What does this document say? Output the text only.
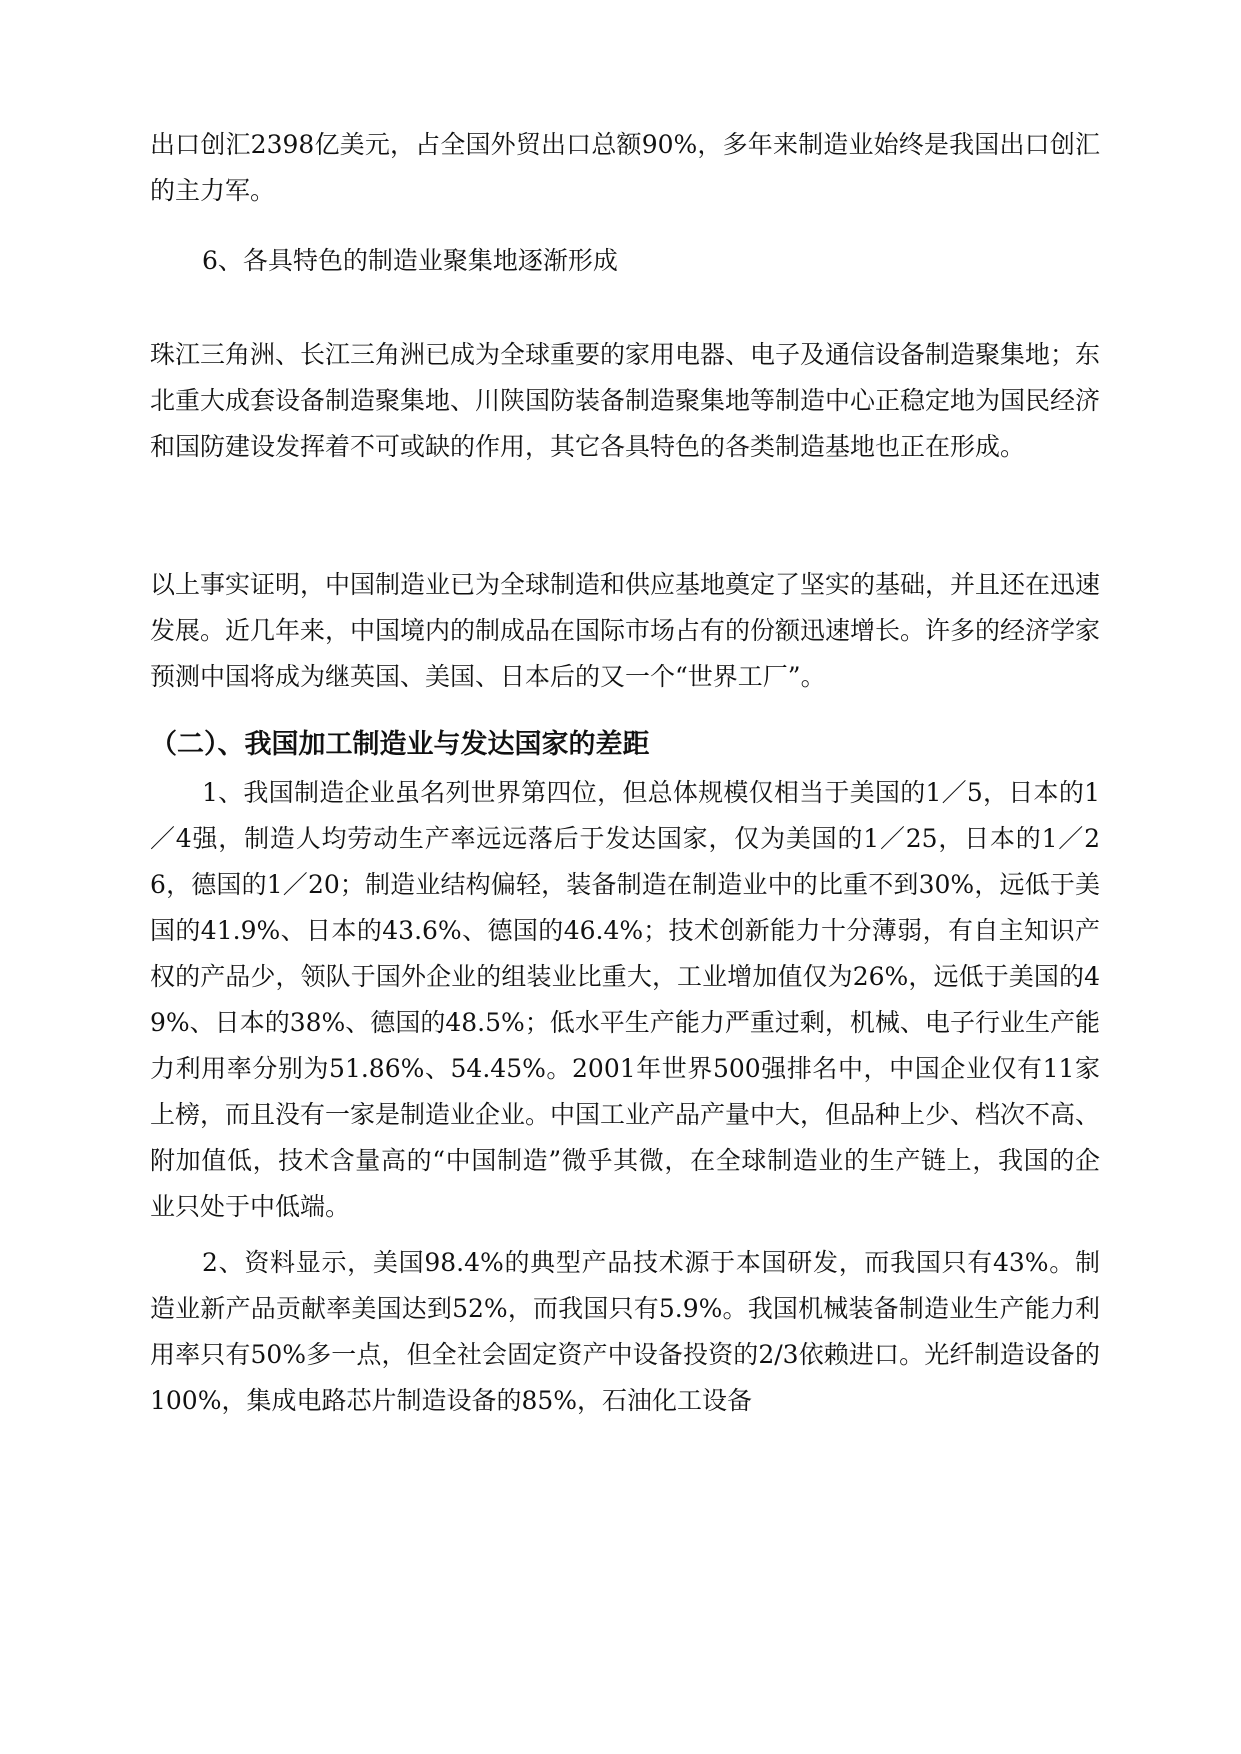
出口创汇2398亿美元，占全国外贸出口总额90%，多年来制造业始终是我国出口创汇的主力军。

6、各具特色的制造业聚集地逐渐形成

珠江三角洲、长江三角洲已成为全球重要的家用电器、电子及通信设备制造聚集地；东北重大成套设备制造聚集地、川陕国防装备制造聚集地等制造中心正稳定地为国民经济和国防建设发挥着不可或缺的作用，其它各具特色的各类制造基地也正在形成。

以上事实证明，中国制造业已为全球制造和供应基地奠定了坚实的基础，并且还在迅速发展。近几年来，中国境内的制成品在国际市场占有的份额迅速增长。许多的经济学家预测中国将成为继英国、美国、日本后的又一个“世界工厂”。

（二）、我国加工制造业与发达国家的差距

1、我国制造企业虽名列世界第四位，但总体规模仅相当于美国的1／5，日本的1／4强，制造人均劳动生产率远远落后于发达国家，仅为美国的1／25，日本的1／26，德国的1／20；制造业结构偏轻，装备制造在制造业中的比重不到30%，远低于美国的41.9%、日本的43.6%、德国的46.4%；技术创新能力十分薄弱，有自主知识产权的产品少，领队于国外企业的组装业比重大，工业增加值仅为26%，远低于美国的49%、日本的38%、德国的48.5%；低水平生产能力严重过剩，机械、电子行业生产能力利用率分别为51.86%、54.45%。2001年世界500强排名中，中国企业仅有11家上榜，而且没有一家是制造业企业。中国工业产品产量中大，但品种上少、档次不高、附加值低，技术含量高的“中国制造”微乎其微，在全球制造业的生产链上，我国的企业只处于中低端。

2、资料显示，美国98.4%的典型产品技术源于本国研发，而我国只有43%。制造业新产品贡献率美国达到52%，而我国只有5.9%。我国机械装备制造业生产能力利用率只有50%多一点，但全社会固定资产中设备投资的2/3依赖进口。光纤制造设备的100%，集成电路芯片制造设备的85%，石油化工设备
